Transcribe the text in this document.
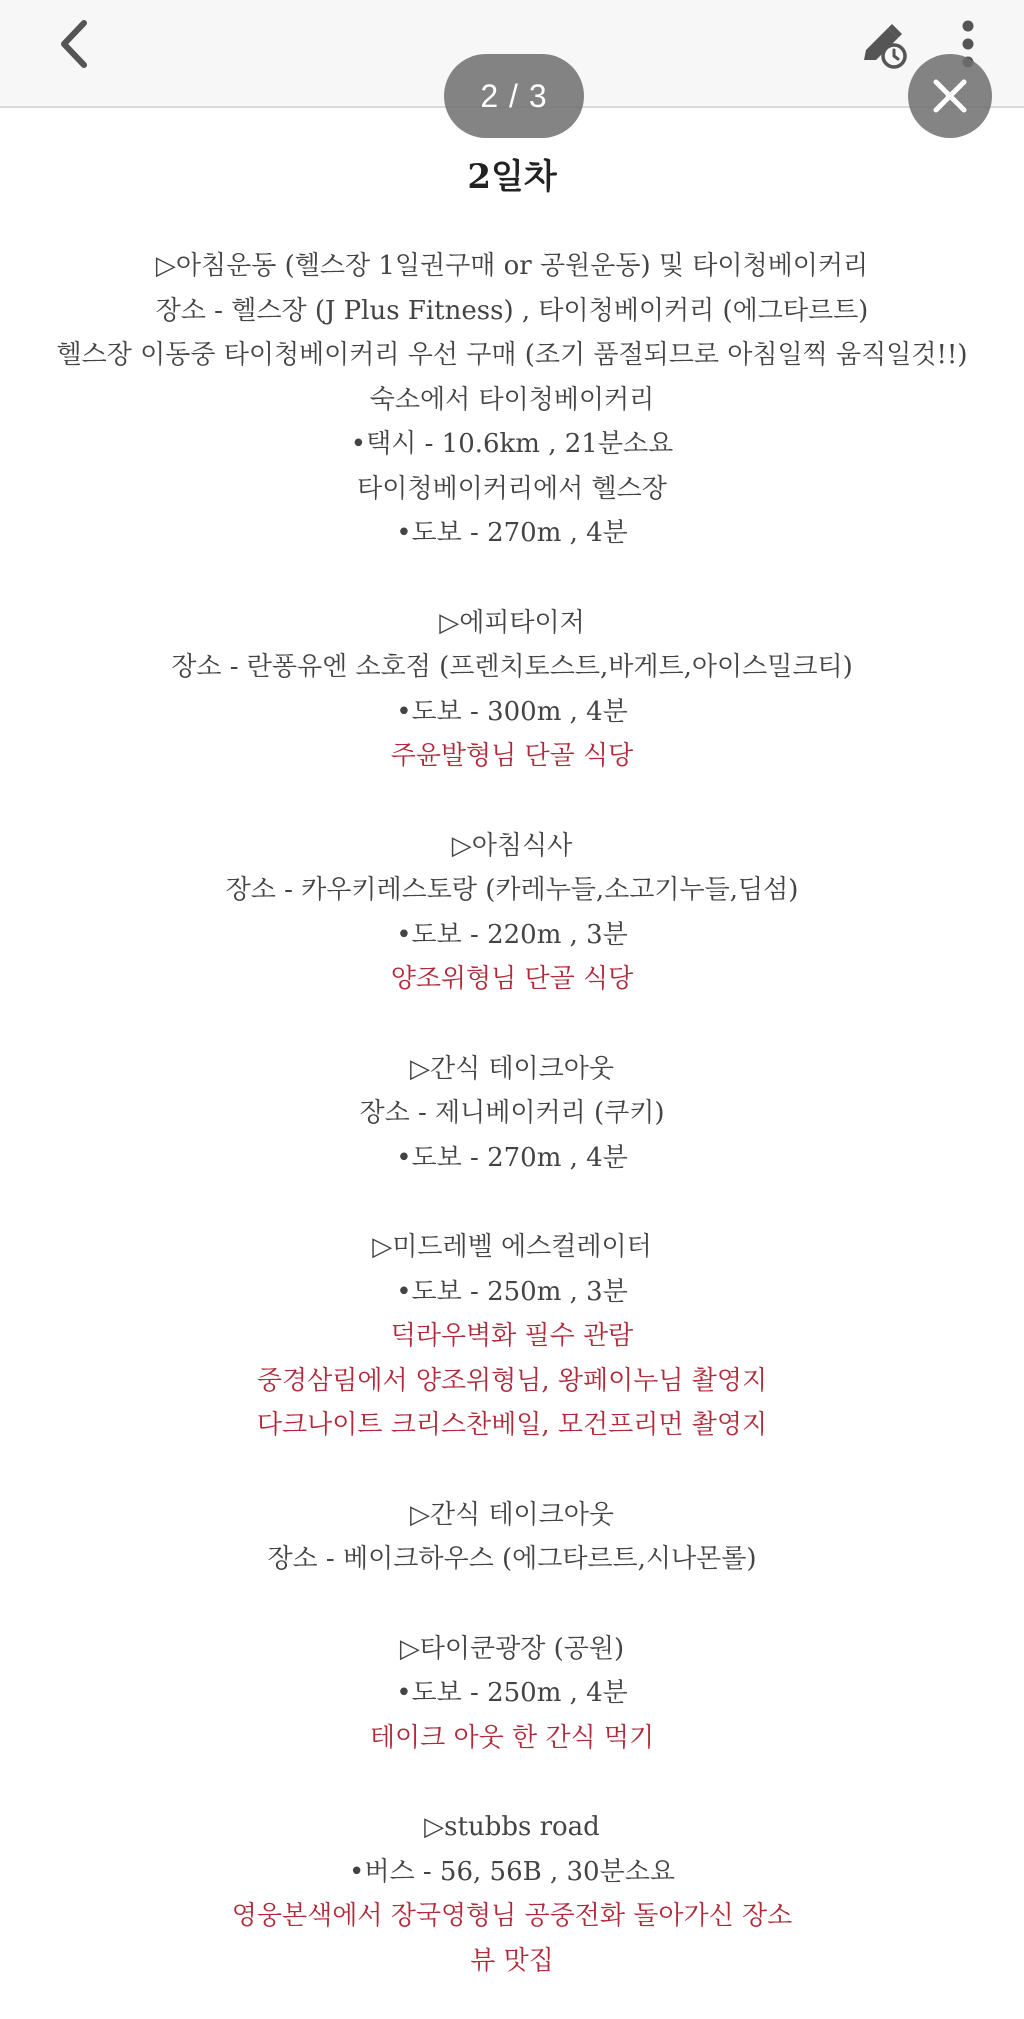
2 / 3
2일차
▷아침운동 (헬스장 1일권구매 or 공원운동) 및 타이청베이커리
장소 - 헬스장 (J Plus Fitness) , 타이청베이커리 (에그타르트)
헬스장 이동중 타이청베이커리 우선 구매 (조기 품절되므로 아침일찍 움직일것!!)
숙소에서 타이청베이커리
•택시 - 10.6km , 21분소요
타이청베이커리에서 헬스장
•도보 - 270m , 4분
▷에피타이저
장소 - 란퐁유엔 소호점 (프렌치토스트,바게트,아이스밀크티)
•도보 - 300m , 4분
주윤발형님 단골 식당
▷아침식사
장소 - 카우키레스토랑 (카레누들,소고기누들,딤섬)
•도보 - 220m , 3분
양조위형님 단골 식당
▷간식 테이크아웃
장소 - 제니베이커리 (쿠키)
•도보 - 270m , 4분
▷미드레벨 에스컬레이터
•도보 - 250m , 3분
덕라우벽화 필수 관람
중경삼림에서 양조위형님, 왕페이누님 촬영지
다크나이트 크리스찬베일, 모건프리먼 촬영지
▷간식 테이크아웃
장소 - 베이크하우스 (에그타르트,시나몬롤)
▷타이쿤광장 (공원)
•도보 - 250m , 4분
테이크 아웃 한 간식 먹기
▷stubbs road
•버스 - 56, 56B , 30분소요
영웅본색에서 장국영형님 공중전화 돌아가신 장소
뷰 맛집
